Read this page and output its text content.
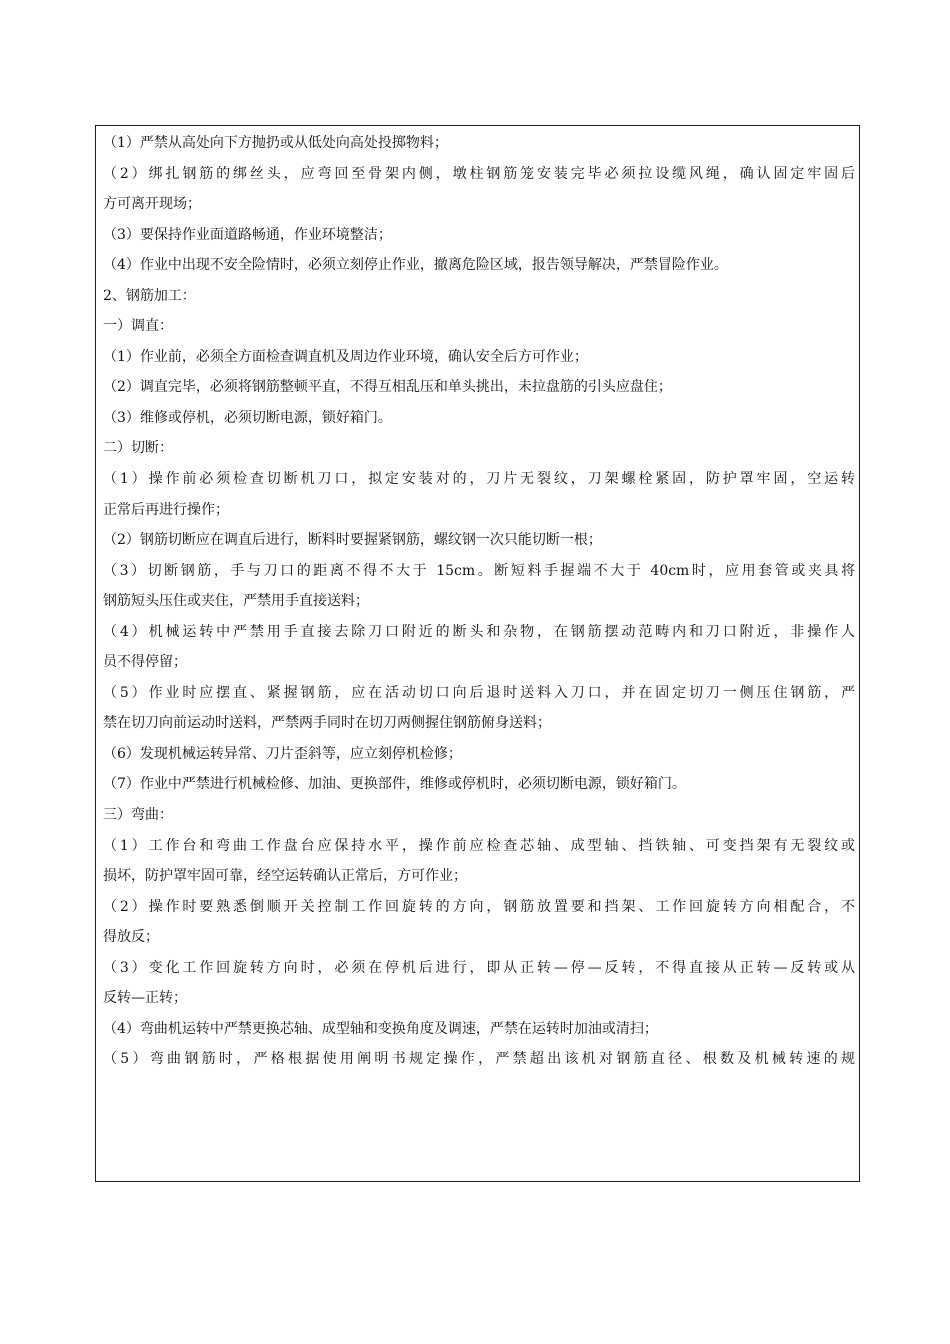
（1）严禁从高处向下方抛扔或从低处向高处投掷物料；
（2）绑扎钢筋的绑丝头，应弯回至骨架内侧，墩柱钢筋笼安装完毕必须拉设缆风绳，确认固定牢固后
方可离开现场；
（3）要保持作业面道路畅通，作业环境整洁；
（4）作业中出现不安全险情时，必须立刻停止作业，撤离危险区域，报告领导解决，严禁冒险作业。
2、钢筋加工：
一）调直：
（1）作业前，必须全方面检查调直机及周边作业环境，确认安全后方可作业；
（2）调直完毕，必须将钢筋整顿平直，不得互相乱压和单头挑出，未拉盘筋的引头应盘住；
（3）维修或停机，必须切断电源，锁好箱门。
二）切断：
（1）操作前必须检查切断机刀口，拟定安装对的，刀片无裂纹，刀架螺栓紧固，防护罩牢固，空运转
正常后再进行操作；
（2）钢筋切断应在调直后进行，断料时要握紧钢筋，螺纹钢一次只能切断一根；
（3）切断钢筋，手与刀口的距离不得不大于 15cm。断短料手握端不大于 40cm时，应用套管或夹具将
钢筋短头压住或夹住，严禁用手直接送料；
（4）机械运转中严禁用手直接去除刀口附近的断头和杂物，在钢筋摆动范畴内和刀口附近，非操作人
员不得停留；
（5）作业时应摆直、紧握钢筋，应在活动切口向后退时送料入刀口，并在固定切刀一侧压住钢筋，严
禁在切刀向前运动时送料，严禁两手同时在切刀两侧握住钢筋俯身送料；
（6）发现机械运转异常、刀片歪斜等，应立刻停机检修；
（7）作业中严禁进行机械检修、加油、更换部件，维修或停机时，必须切断电源，锁好箱门。
三）弯曲：
（1）工作台和弯曲工作盘台应保持水平，操作前应检查芯轴、成型轴、挡铁轴、可变挡架有无裂纹或
损坏，防护罩牢固可靠，经空运转确认正常后，方可作业；
（2）操作时要熟悉倒顺开关控制工作回旋转的方向，钢筋放置要和挡架、工作回旋转方向相配合，不
得放反；
（3）变化工作回旋转方向时，必须在停机后进行，即从正转—停—反转，不得直接从正转—反转或从
反转—正转；
（4）弯曲机运转中严禁更换芯轴、成型轴和变换角度及调速，严禁在运转时加油或清扫；
（5）弯曲钢筋时，严格根据使用阐明书规定操作，严禁超出该机对钢筋直径、根数及机械转速的规
